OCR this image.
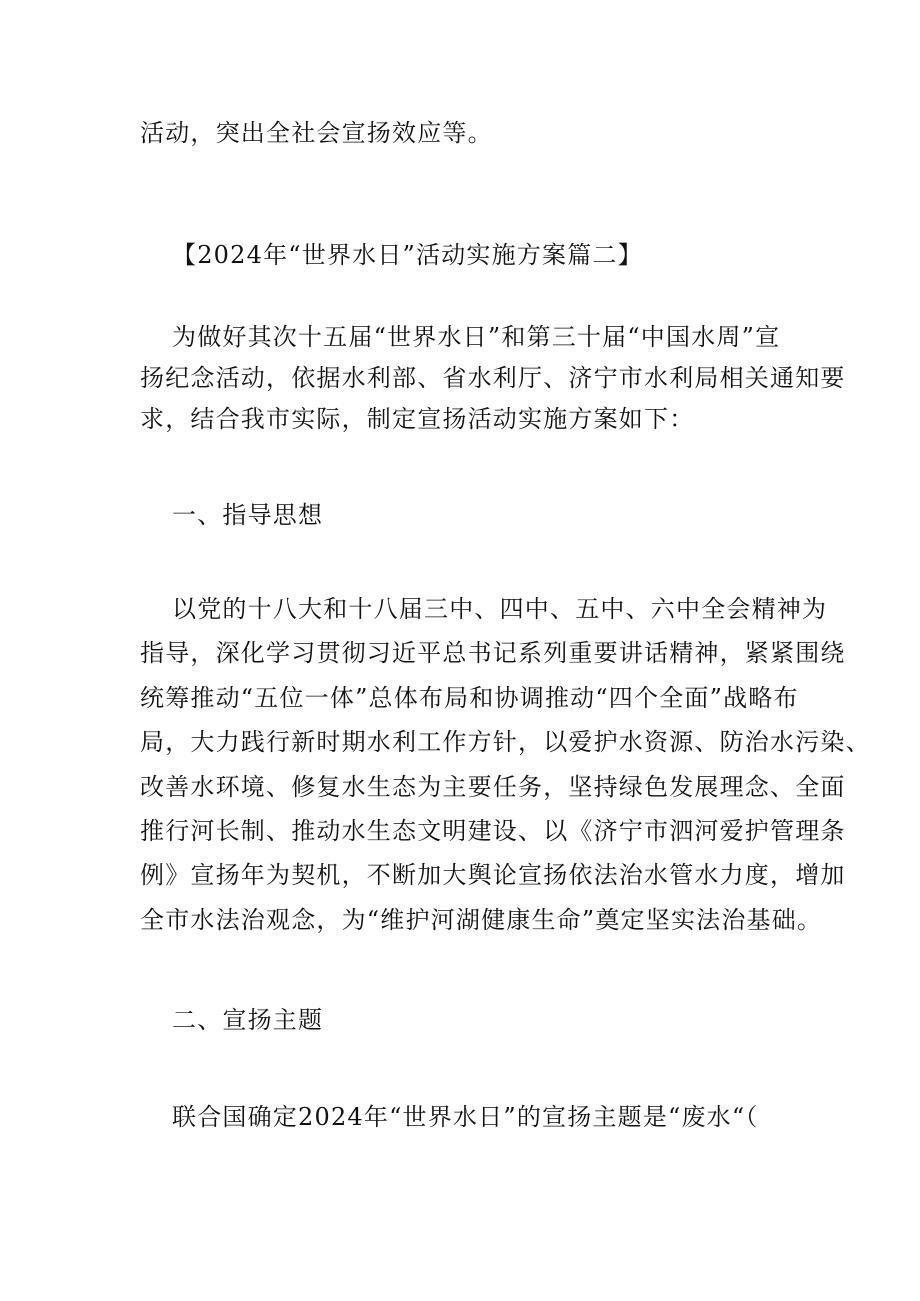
活动，突出全社会宣扬效应等。
【2024年“世界水日”活动实施方案篇二】
为做好其次十五届“世界水日”和第三十届“中国水周”宣
扬纪念活动，依据水利部、省水利厅、济宁市水利局相关通知要
求，结合我市实际，制定宣扬活动实施方案如下：
一、指导思想
以党的十八大和十八届三中、四中、五中、六中全会精神为
指导，深化学习贯彻习近平总书记系列重要讲话精神，紧紧围绕
统筹推动“五位一体”总体布局和协调推动“四个全面”战略布
局，大力践行新时期水利工作方针，以爱护水资源、防治水污染、
改善水环境、修复水生态为主要任务，坚持绿色发展理念、全面
推行河长制、推动水生态文明建设、以《济宁市泗河爱护管理条
例》宣扬年为契机，不断加大舆论宣扬依法治水管水力度，增加
全市水法治观念，为“维护河湖健康生命”奠定坚实法治基础。
二、宣扬主题
联合国确定2024年“世界水日”的宣扬主题是“废水“（
